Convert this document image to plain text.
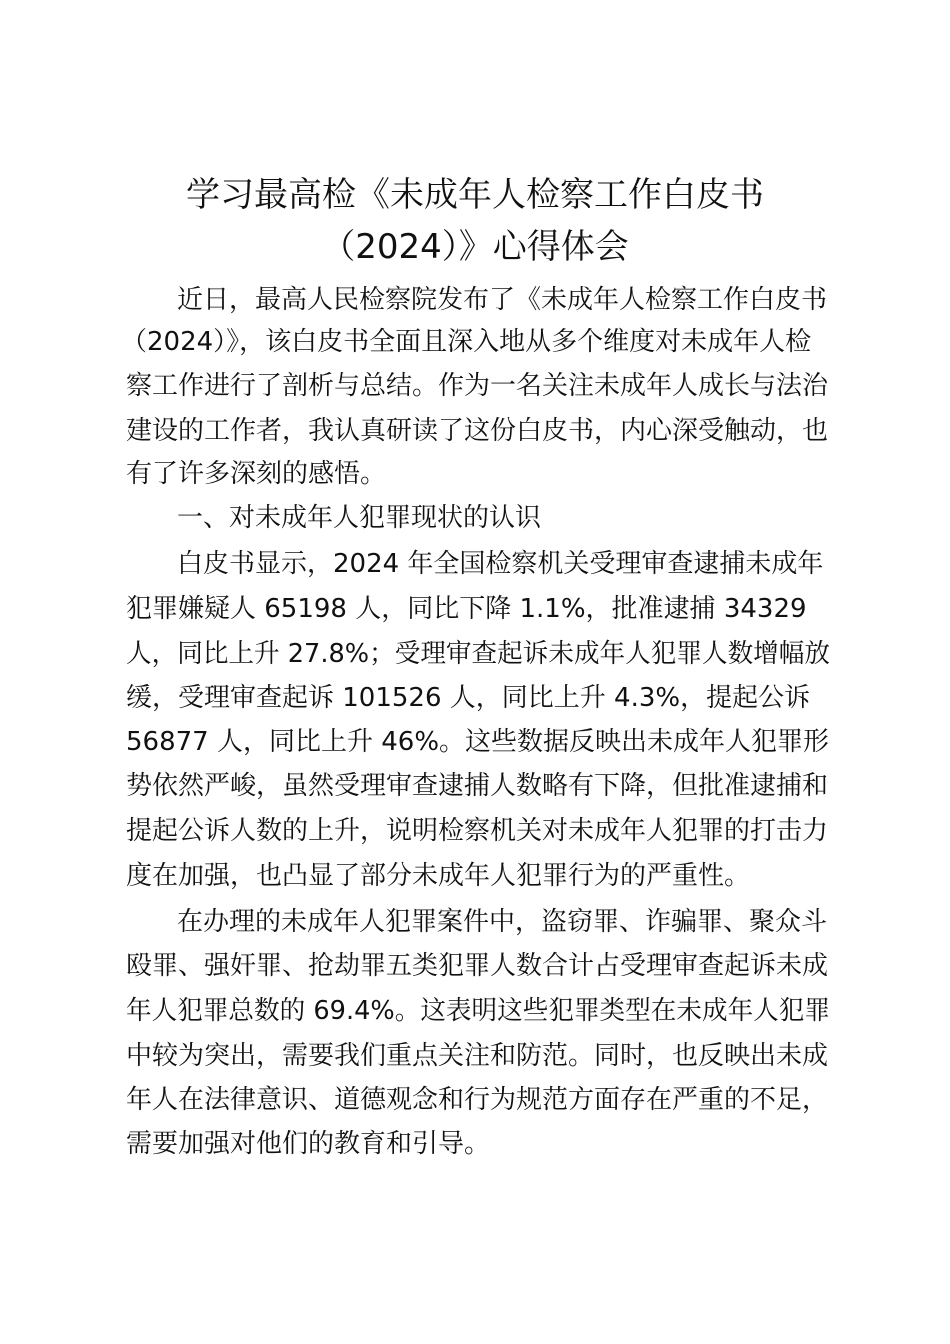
学习最高检《未成年人检察工作白皮书
（2024）》心得体会

近日，最高人民检察院发布了《未成年人检察工作白皮书

（2024）》，该白皮书全面且深入地从多个维度对未成年人检

察工作进行了剖析与总结。作为一名关注未成年人成长与法治

建设的工作者，我认真研读了这份白皮书，内心深受触动，也

有了许多深刻的感悟。

一、对未成年人犯罪现状的认识

白皮书显示，2024 年全国检察机关受理审查逮捕未成年

犯罪嫌疑人 65198 人，同比下降 1.1%，批准逮捕 34329

人，同比上升 27.8%；受理审查起诉未成年人犯罪人数增幅放

缓，受理审查起诉 101526 人，同比上升 4.3%，提起公诉

56877 人，同比上升 46%。这些数据反映出未成年人犯罪形

势依然严峻，虽然受理审查逮捕人数略有下降，但批准逮捕和

提起公诉人数的上升，说明检察机关对未成年人犯罪的打击力

度在加强，也凸显了部分未成年人犯罪行为的严重性。

在办理的未成年人犯罪案件中，盗窃罪、诈骗罪、聚众斗

殴罪、强奸罪、抢劫罪五类犯罪人数合计占受理审查起诉未成

年人犯罪总数的 69.4%。这表明这些犯罪类型在未成年人犯罪

中较为突出，需要我们重点关注和防范。同时，也反映出未成

年人在法律意识、道德观念和行为规范方面存在严重的不足，

需要加强对他们的教育和引导。
